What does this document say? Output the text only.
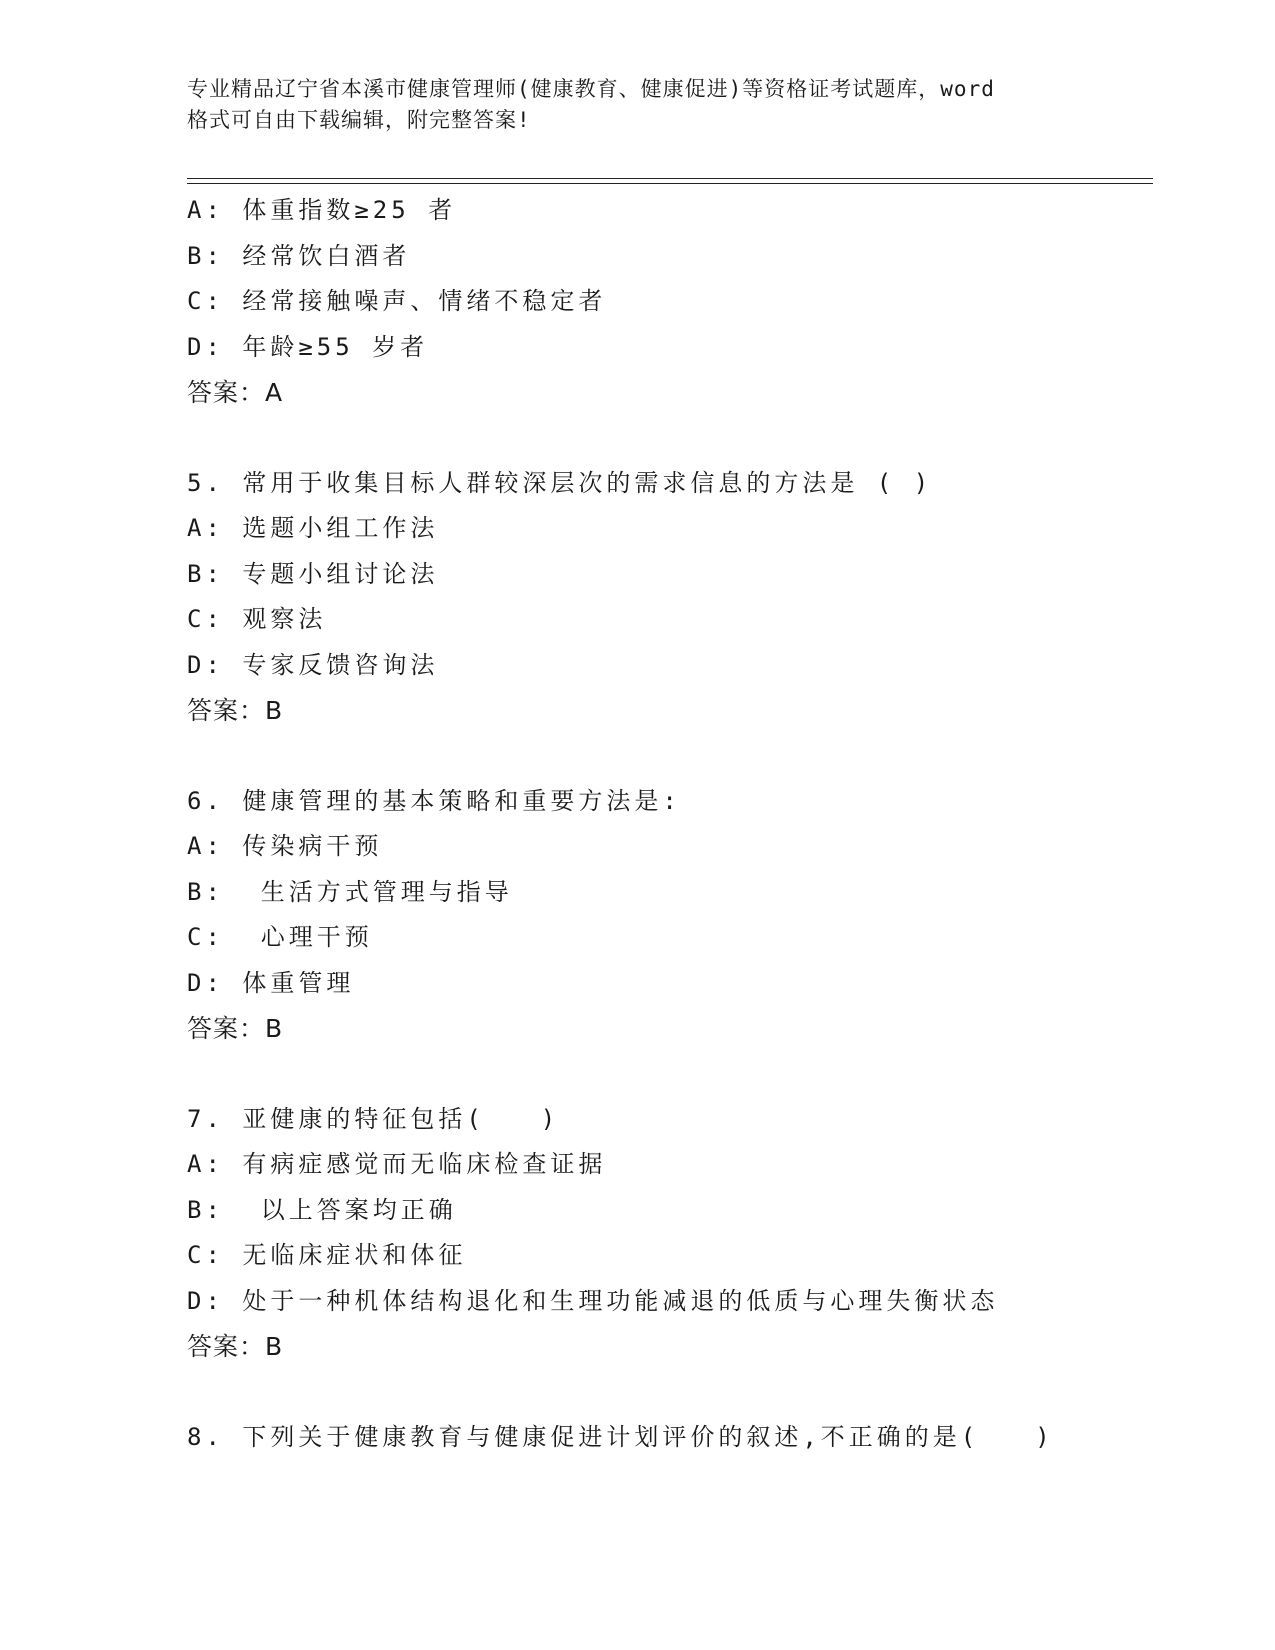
专业精品辽宁省本溪市健康管理师(健康教育、健康促进)等资格证考试题库，word
格式可自由下载编辑，附完整答案!
A: 体重指数≥25 者
B: 经常饮白酒者
C: 经常接触噪声、情绪不稳定者
D: 年龄≥55 岁者
答案：A
5. 常用于收集目标人群较深层次的需求信息的方法是 ( )
A: 选题小组工作法
B: 专题小组讨论法
C: 观察法
D: 专家反馈咨询法
答案：B
6. 健康管理的基本策略和重要方法是:
A: 传染病干预
B:  生活方式管理与指导
C:  心理干预
D: 体重管理
答案：B
7. 亚健康的特征包括(　　)
A: 有病症感觉而无临床检查证据
B:  以上答案均正确
C: 无临床症状和体征
D: 处于一种机体结构退化和生理功能减退的低质与心理失衡状态
答案：B
8. 下列关于健康教育与健康促进计划评价的叙述,不正确的是(　　)
